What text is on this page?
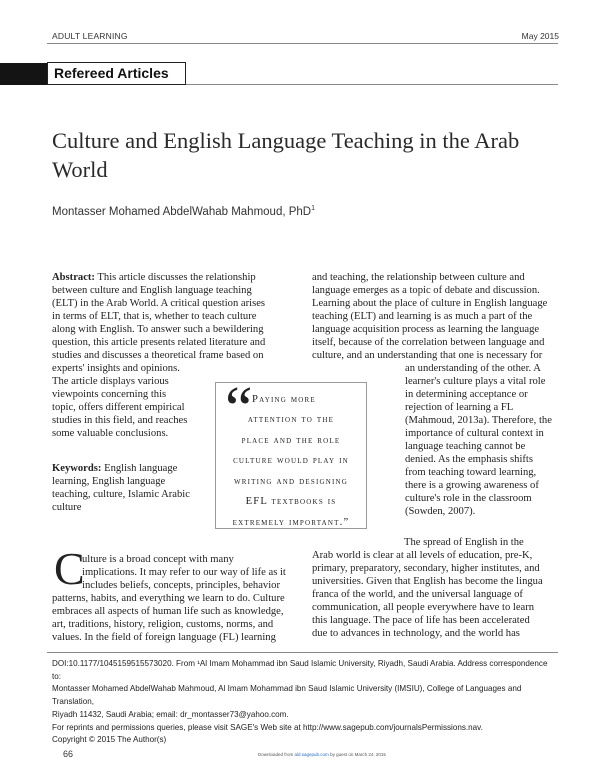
ADULT LEARNING	May 2015
Refereed Articles
Culture and English Language Teaching in the Arab
World
Montasser Mohamed AbdelWahab Mahmoud, PhD$^1$
Abstract: This article discusses the relationship
between culture and English language teaching
(ELT) in the Arab World. A critical question arises
in terms of ELT, that is, whether to teach culture
along with English. To answer such a bewildering
question, this article presents related literature and
studies and discusses a theoretical frame based on
experts' insights and opinions.
The article displays various
viewpoints concerning this
topic, offers different empirical
studies in this field, and reaches
some valuable conclusions.
Keywords: English language
learning, English language
teaching, culture, Islamic Arabic
culture
“ Paying more
attention to the
place and the role
culture would play in
writing and designing
EFL textbooks is
extremely important.”
C
ulture is a broad concept with many
implications. It may refer to our way of life as it
includes beliefs, concepts, principles, behavior
patterns, habits, and everything we learn to do. Culture
embraces all aspects of human life such as knowledge,
art, traditions, history, religion, customs, norms, and
values. In the field of foreign language (FL) learning
and teaching, the relationship between culture and
language emerges as a topic of debate and discussion.
Learning about the place of culture in English language
teaching (ELT) and learning is as much a part of the
language acquisition process as learning the language
itself, because of the correlation between language and
culture, and an understanding that one is necessary for
an understanding of the other. A
learner's culture plays a vital role
in determining acceptance or
rejection of learning a FL
(Mahmoud, 2013a). Therefore, the
importance of cultural context in
language teaching cannot be
denied. As the emphasis shifts
from teaching toward learning,
there is a growing awareness of
culture's role in the classroom
(Sowden, 2007).
The spread of English in the
Arab world is clear at all levels of education, pre-K,
primary, preparatory, secondary, higher institutes, and
universities. Given that English has become the lingua
franca of the world, and the universal language of
communication, all people everywhere have to learn
this language. The pace of life has been accelerated
due to advances in technology, and the world has
DOI:10.1177/1045159515573020. From ¹Al Imam Mohammad ibn Saud Islamic University, Riyadh, Saudi Arabia. Address correspondence to:
Montasser Mohamed AbdelWahab Mahmoud, Al Imam Mohammad ibn Saud Islamic University (IMSIU), College of Languages and Translation,
Riyadh 11432, Saudi Arabia; email: dr_montasser73@yahoo.com.
For reprints and permissions queries, please visit SAGE's Web site at http://www.sagepub.com/journalsPermissions.nav.
Copyright © 2015 The Author(s)
66	Downloaded from ald.sagepub.com by guest on March 24, 2015
